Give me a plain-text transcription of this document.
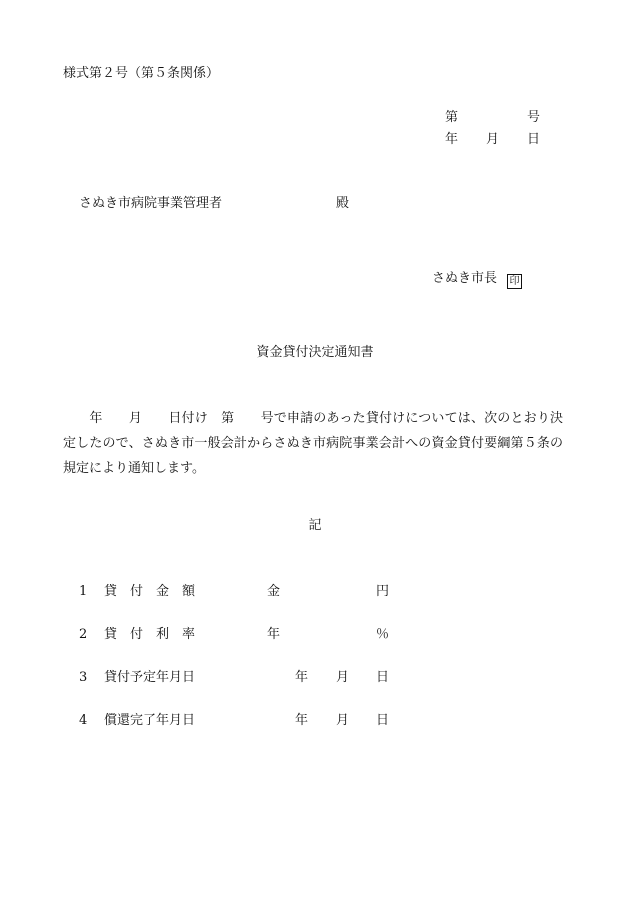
様式第２号（第５条関係）
第	号
年 月 日
さぬき市病院事業管理者	殿
さぬき市長 印
資金貸付決定通知書
　　年　　月　　日付け　第　　号で申請のあった貸付けについては、次のとおり決定したので、さぬき市一般会計からさぬき市病院事業会計への資金貸付要綱第５条の規定により通知します。
記
1 貸　付　金　額	金	円
2 貸　付　利　率	年	％
3 貸付予定年月日	年 月 日
4 償還完了年月日	年 月 日
